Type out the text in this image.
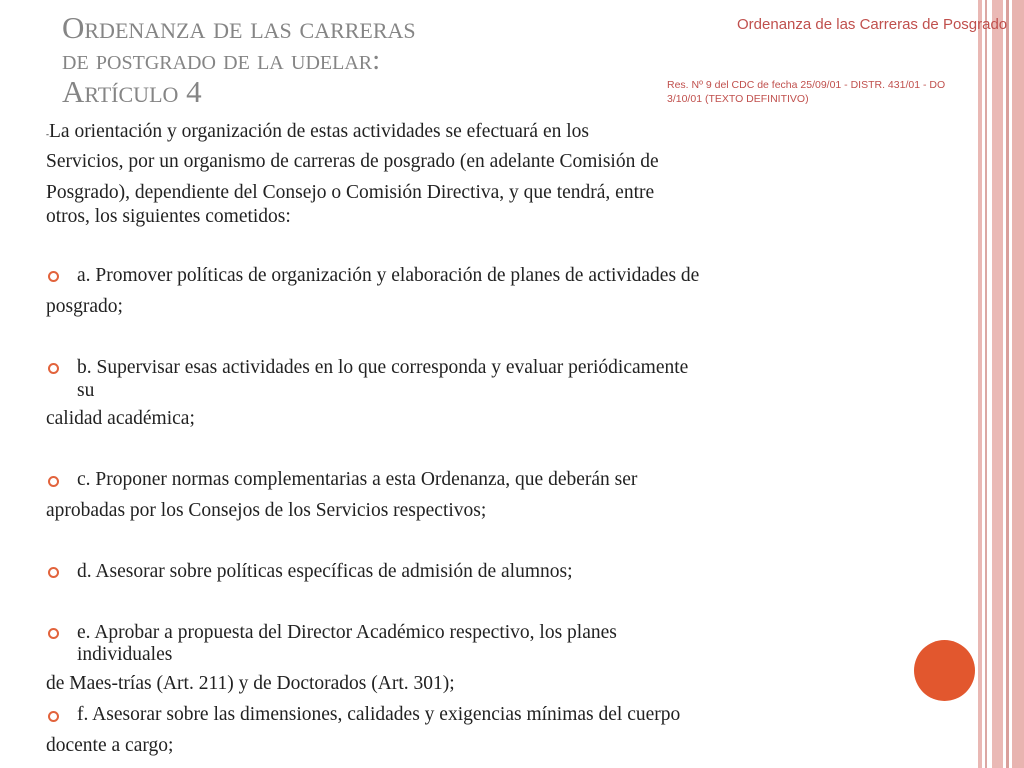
Ordenanza de las carreras
de postgrado de la udelar:
Artículo 4
Ordenanza de las Carreras de Posgrado
Res. Nº 9 del CDC de fecha 25/09/01 - DISTR. 431/01 - DO 3/10/01 (TEXTO DEFINITIVO)
-La orientación y organización de estas actividades se efectuará en los
Servicios, por un organismo de carreras de posgrado (en adelante Comisión de
Posgrado), dependiente del Consejo o Comisión Directiva, y que tendrá, entre
otros, los siguientes cometidos:
a. Promover políticas de organización y elaboración de planes de actividades de
posgrado;
b. Supervisar esas actividades en lo que corresponda y evaluar periódicamente
su
calidad académica;
c. Proponer normas complementarias a esta Ordenanza, que deberán ser
aprobadas por los Consejos de los Servicios respectivos;
d. Asesorar sobre políticas específicas de admisión de alumnos;
e. Aprobar a propuesta del Director Académico respectivo, los planes
individuales
de Maes-trías (Art. 211) y de Doctorados (Art. 301);
f. Asesorar sobre las dimensiones, calidades y exigencias mínimas del cuerpo
docente a cargo;
